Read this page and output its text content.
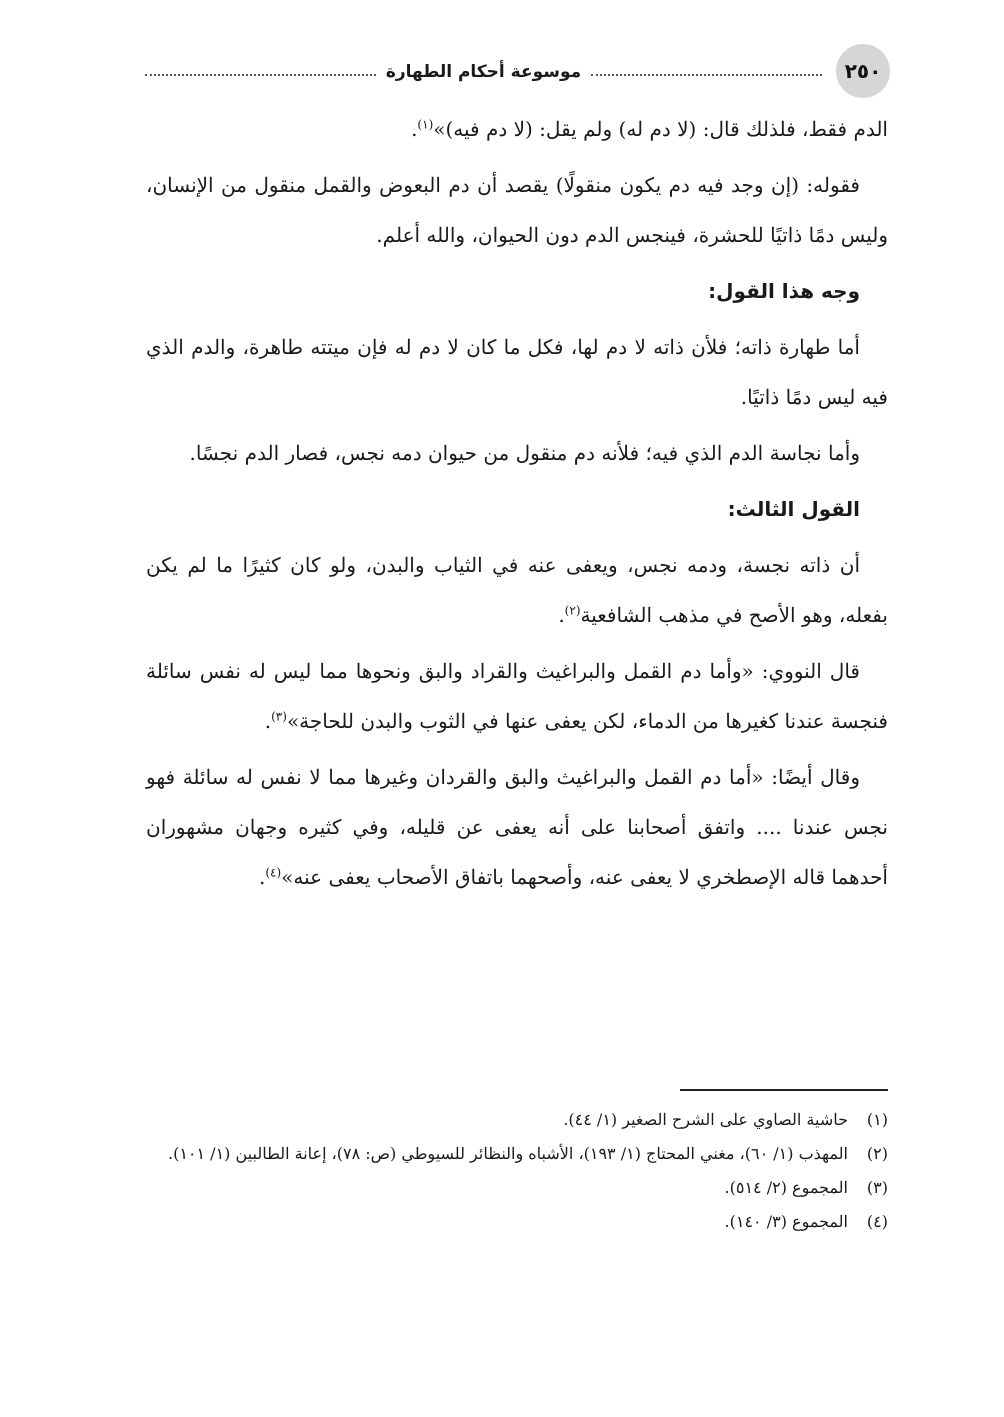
٢٥٠
موسوعة أحكام الطهارة

الدم فقط، فلذلك قال: (لا دم له) ولم يقل: (لا دم فيه)»$^{(١)}$.

فقوله: (إن وجد فيه دم يكون منقولًا) يقصد أن دم البعوض والقمل منقول من الإنسان، وليس دمًا ذاتيًا للحشرة، فينجس الدم دون الحيوان، والله أعلم.

وجه هذا القول:

أما طهارة ذاته؛ فلأن ذاته لا دم لها، فكل ما كان لا دم له فإن ميتته طاهرة، والدم الذي فيه ليس دمًا ذاتيًا.

وأما نجاسة الدم الذي فيه؛ فلأنه دم منقول من حيوان دمه نجس، فصار الدم نجسًا.

القول الثالث:

أن ذاته نجسة، ودمه نجس، ويعفى عنه في الثياب والبدن، ولو كان كثيرًا ما لم يكن بفعله، وهو الأصح في مذهب الشافعية$^{(٢)}$.

قال النووي: «وأما دم القمل والبراغيث والقراد والبق ونحوها مما ليس له نفس سائلة فنجسة عندنا كغيرها من الدماء، لكن يعفى عنها في الثوب والبدن للحاجة»$^{(٣)}$.

وقال أيضًا: «أما دم القمل والبراغيث والبق والقردان وغيرها مما لا نفس له سائلة فهو نجس عندنا .... واتفق أصحابنا على أنه يعفى عن قليله، وفي كثيره وجهان مشهوران أحدهما قاله الإصطخري لا يعفى عنه، وأصحهما باتفاق الأصحاب يعفى عنه»$^{(٤)}$.

(١)
حاشية الصاوي على الشرح الصغير (١/ ٤٤).
(٢)
المهذب (١/ ٦٠)، مغني المحتاج (١/ ١٩٣)، الأشباه والنظائر للسيوطي (ص: ٧٨)، إعانة الطالبين (١/ ١٠١).
(٣)
المجموع (٢/ ٥١٤).
(٤)
المجموع (٣/ ١٤٠).
